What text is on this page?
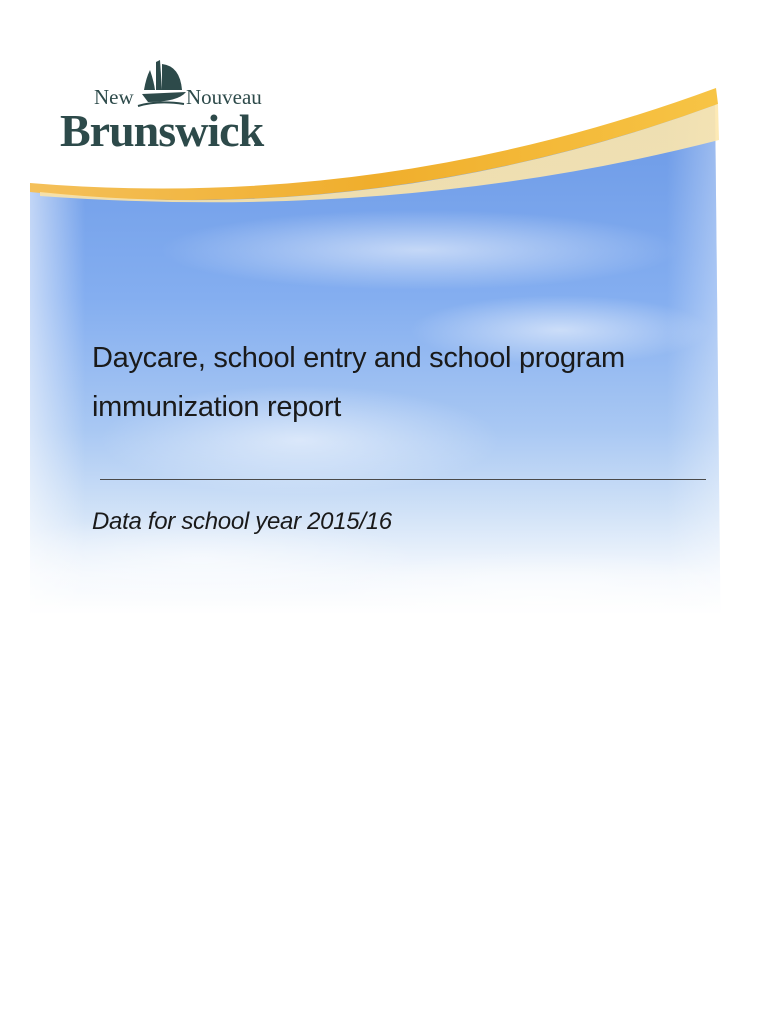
New Nouveau
Brunswick
Daycare, school entry and school program
immunization report

Data for school year 2015/16
